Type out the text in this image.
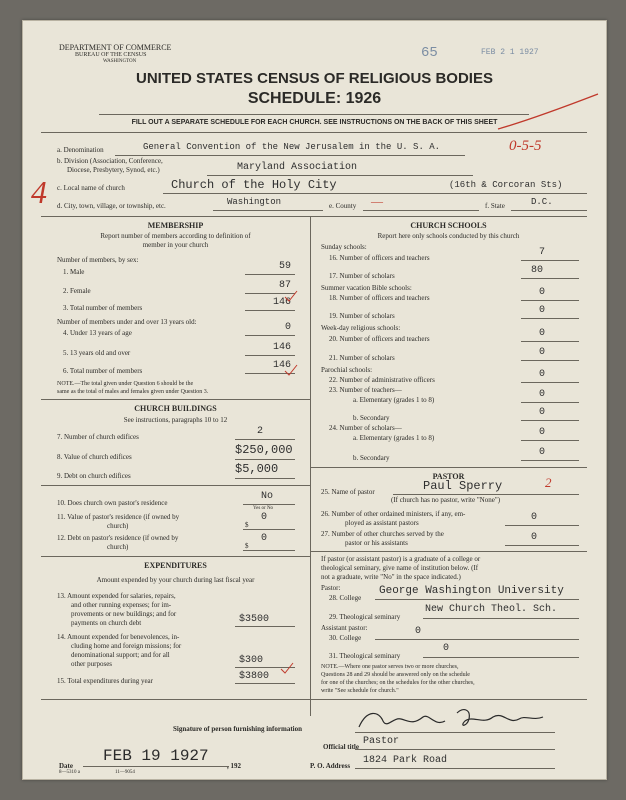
DEPARTMENT OF COMMERCE
BUREAU OF THE CENSUS
WASHINGTON
65	FEB 2 1 1927
UNITED STATES CENSUS OF RELIGIOUS BODIES
SCHEDULE: 1926
FILL OUT A SEPARATE SCHEDULE FOR EACH CHURCH. SEE INSTRUCTIONS ON THE BACK OF THIS SHEET
a. Denomination	General Convention of the New Jerusalem in the U. S. A.	0-5-5
b. Division (Association, Conference,
Diocese, Presbytery, Synod, etc.)	Maryland Association
4 c. Local name of church	Church of the Holy City	(16th & Corcoran Sts)
d. City, town, village, or township, etc.	Washington	e. County —	f. State	D.C.
MEMBERSHIP
Report number of members according to definition of
member in your church
Number of members, by sex:
1. Male	59
2. Female	87
3. Total number of members	146
Number of members under and over 13 years old:
4. Under 13 years of age	0
5. 13 years old and over	146
6. Total number of members	146
NOTE.—The total given under Question 6 should be the
same as the total of males and females given under Question 3.
CHURCH BUILDINGS
See instructions, paragraphs 10 to 12
7. Number of church edifices	2
8. Value of church edifices	$250,000
9. Debt on church edifices	$5,000
10. Does church own pastor's residence
No
Yes or No
11. Value of pastor's residence (if owned by
church)	$
0
12. Debt on pastor's residence (if owned by
church)	$
0
EXPENDITURES
Amount expended by your church during last fiscal year
13. Amount expended for salaries, repairs,
and other running expenses; for im-
provements or new buildings; and for
payments on church debt	$3500
14. Amount expended for benevolences, in-
cluding home and foreign missions; for
denominational support; and for all
other purposes	$300
15. Total expenditures during year	$3800
CHURCH SCHOOLS
Report here only schools conducted by this church
Sunday schools:
16. Number of officers and teachers	7
17. Number of scholars	80
Summer vacation Bible schools:
18. Number of officers and teachers	0
19. Number of scholars	0
Week-day religious schools:
20. Number of officers and teachers	0
21. Number of scholars	0
Parochial schools:
22. Number of administrative officers	0
23. Number of teachers—
a. Elementary (grades 1 to 8)	0
b. Secondary	0
24. Number of scholars—
a. Elementary (grades 1 to 8)	0
b. Secondary	0
PASTOR
25. Name of pastor	Paul Sperry
(If church has no pastor, write "None")
26. Number of other ordained ministers, if any, em-
ployed as assistant pastors	0
27. Number of other churches served by the
pastor or his assistants	0
If pastor (or assistant pastor) is a graduate of a college or
theological seminary, give name of institution below. (If
not a graduate, write "No" in the space indicated.)
Pastor:
28. College
George Washington University
29. Theological seminary
New Church Theol. Sch.
Assistant pastor:
30. College
0
31. Theological seminary
0
NOTE.—Where one pastor serves two or more churches,
Questions 28 and 29 should be answered only on the schedule
for one of the churches; on the schedules for the other churches,
write "See schedule for church."
Signature of person furnishing information
Official title Pastor
Date
FEB 19 1927
, 192	P. O. Address 1824 Park Road
8—5310 a	11—9054
2
